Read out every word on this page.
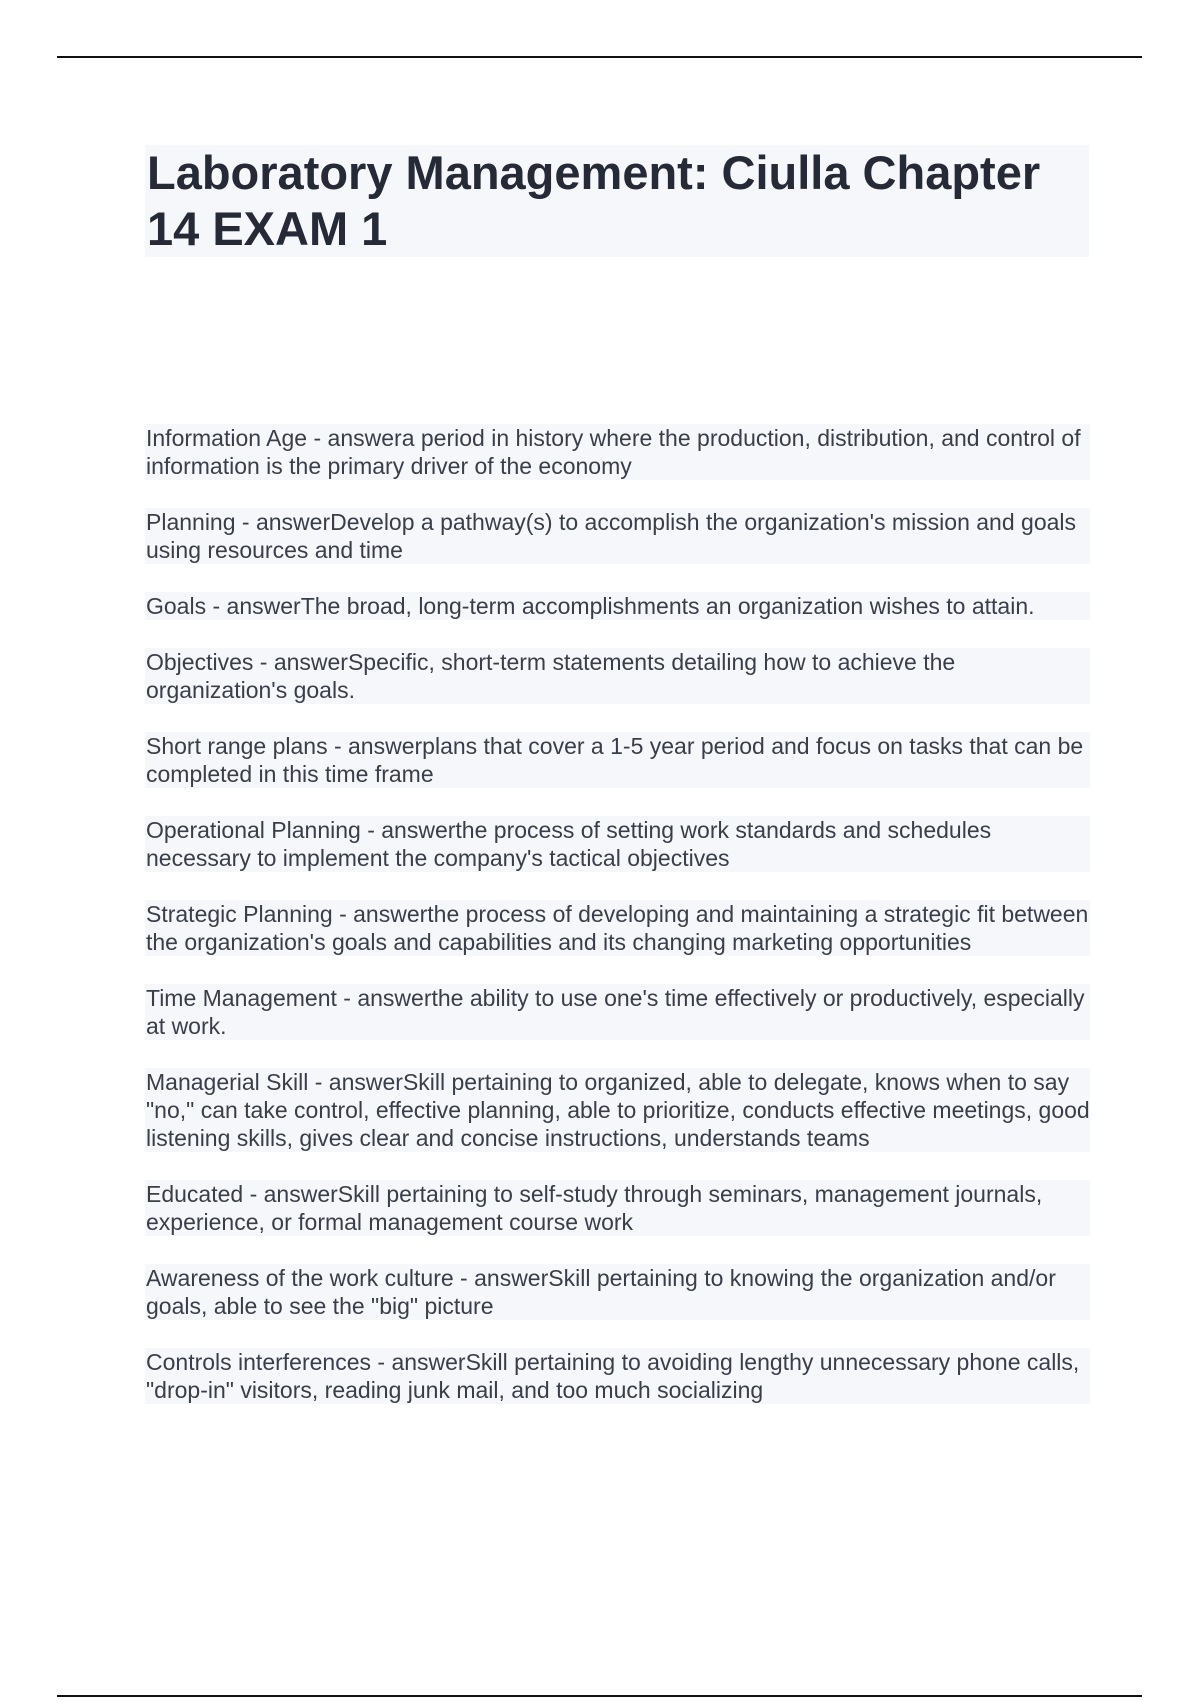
Laboratory Management: Ciulla Chapter 14 EXAM 1

Information Age - answera period in history where the production, distribution, and control of information is the primary driver of the economy

Planning - answerDevelop a pathway(s) to accomplish the organization's mission and goals using resources and time

Goals - answerThe broad, long-term accomplishments an organization wishes to attain.

Objectives - answerSpecific, short-term statements detailing how to achieve the organization's goals.

Short range plans - answerplans that cover a 1-5 year period and focus on tasks that can be completed in this time frame

Operational Planning - answerthe process of setting work standards and schedules necessary to implement the company's tactical objectives

Strategic Planning - answerthe process of developing and maintaining a strategic fit between the organization's goals and capabilities and its changing marketing opportunities

Time Management - answerthe ability to use one's time effectively or productively, especially at work.

Managerial Skill - answerSkill pertaining to organized, able to delegate, knows when to say "no," can take control, effective planning, able to prioritize, conducts effective meetings, good listening skills, gives clear and concise instructions, understands teams

Educated - answerSkill pertaining to self-study through seminars, management journals, experience, or formal management course work

Awareness of the work culture - answerSkill pertaining to knowing the organization and/or goals, able to see the "big" picture

Controls interferences - answerSkill pertaining to avoiding lengthy unnecessary phone calls, "drop-in" visitors, reading junk mail, and too much socializing
